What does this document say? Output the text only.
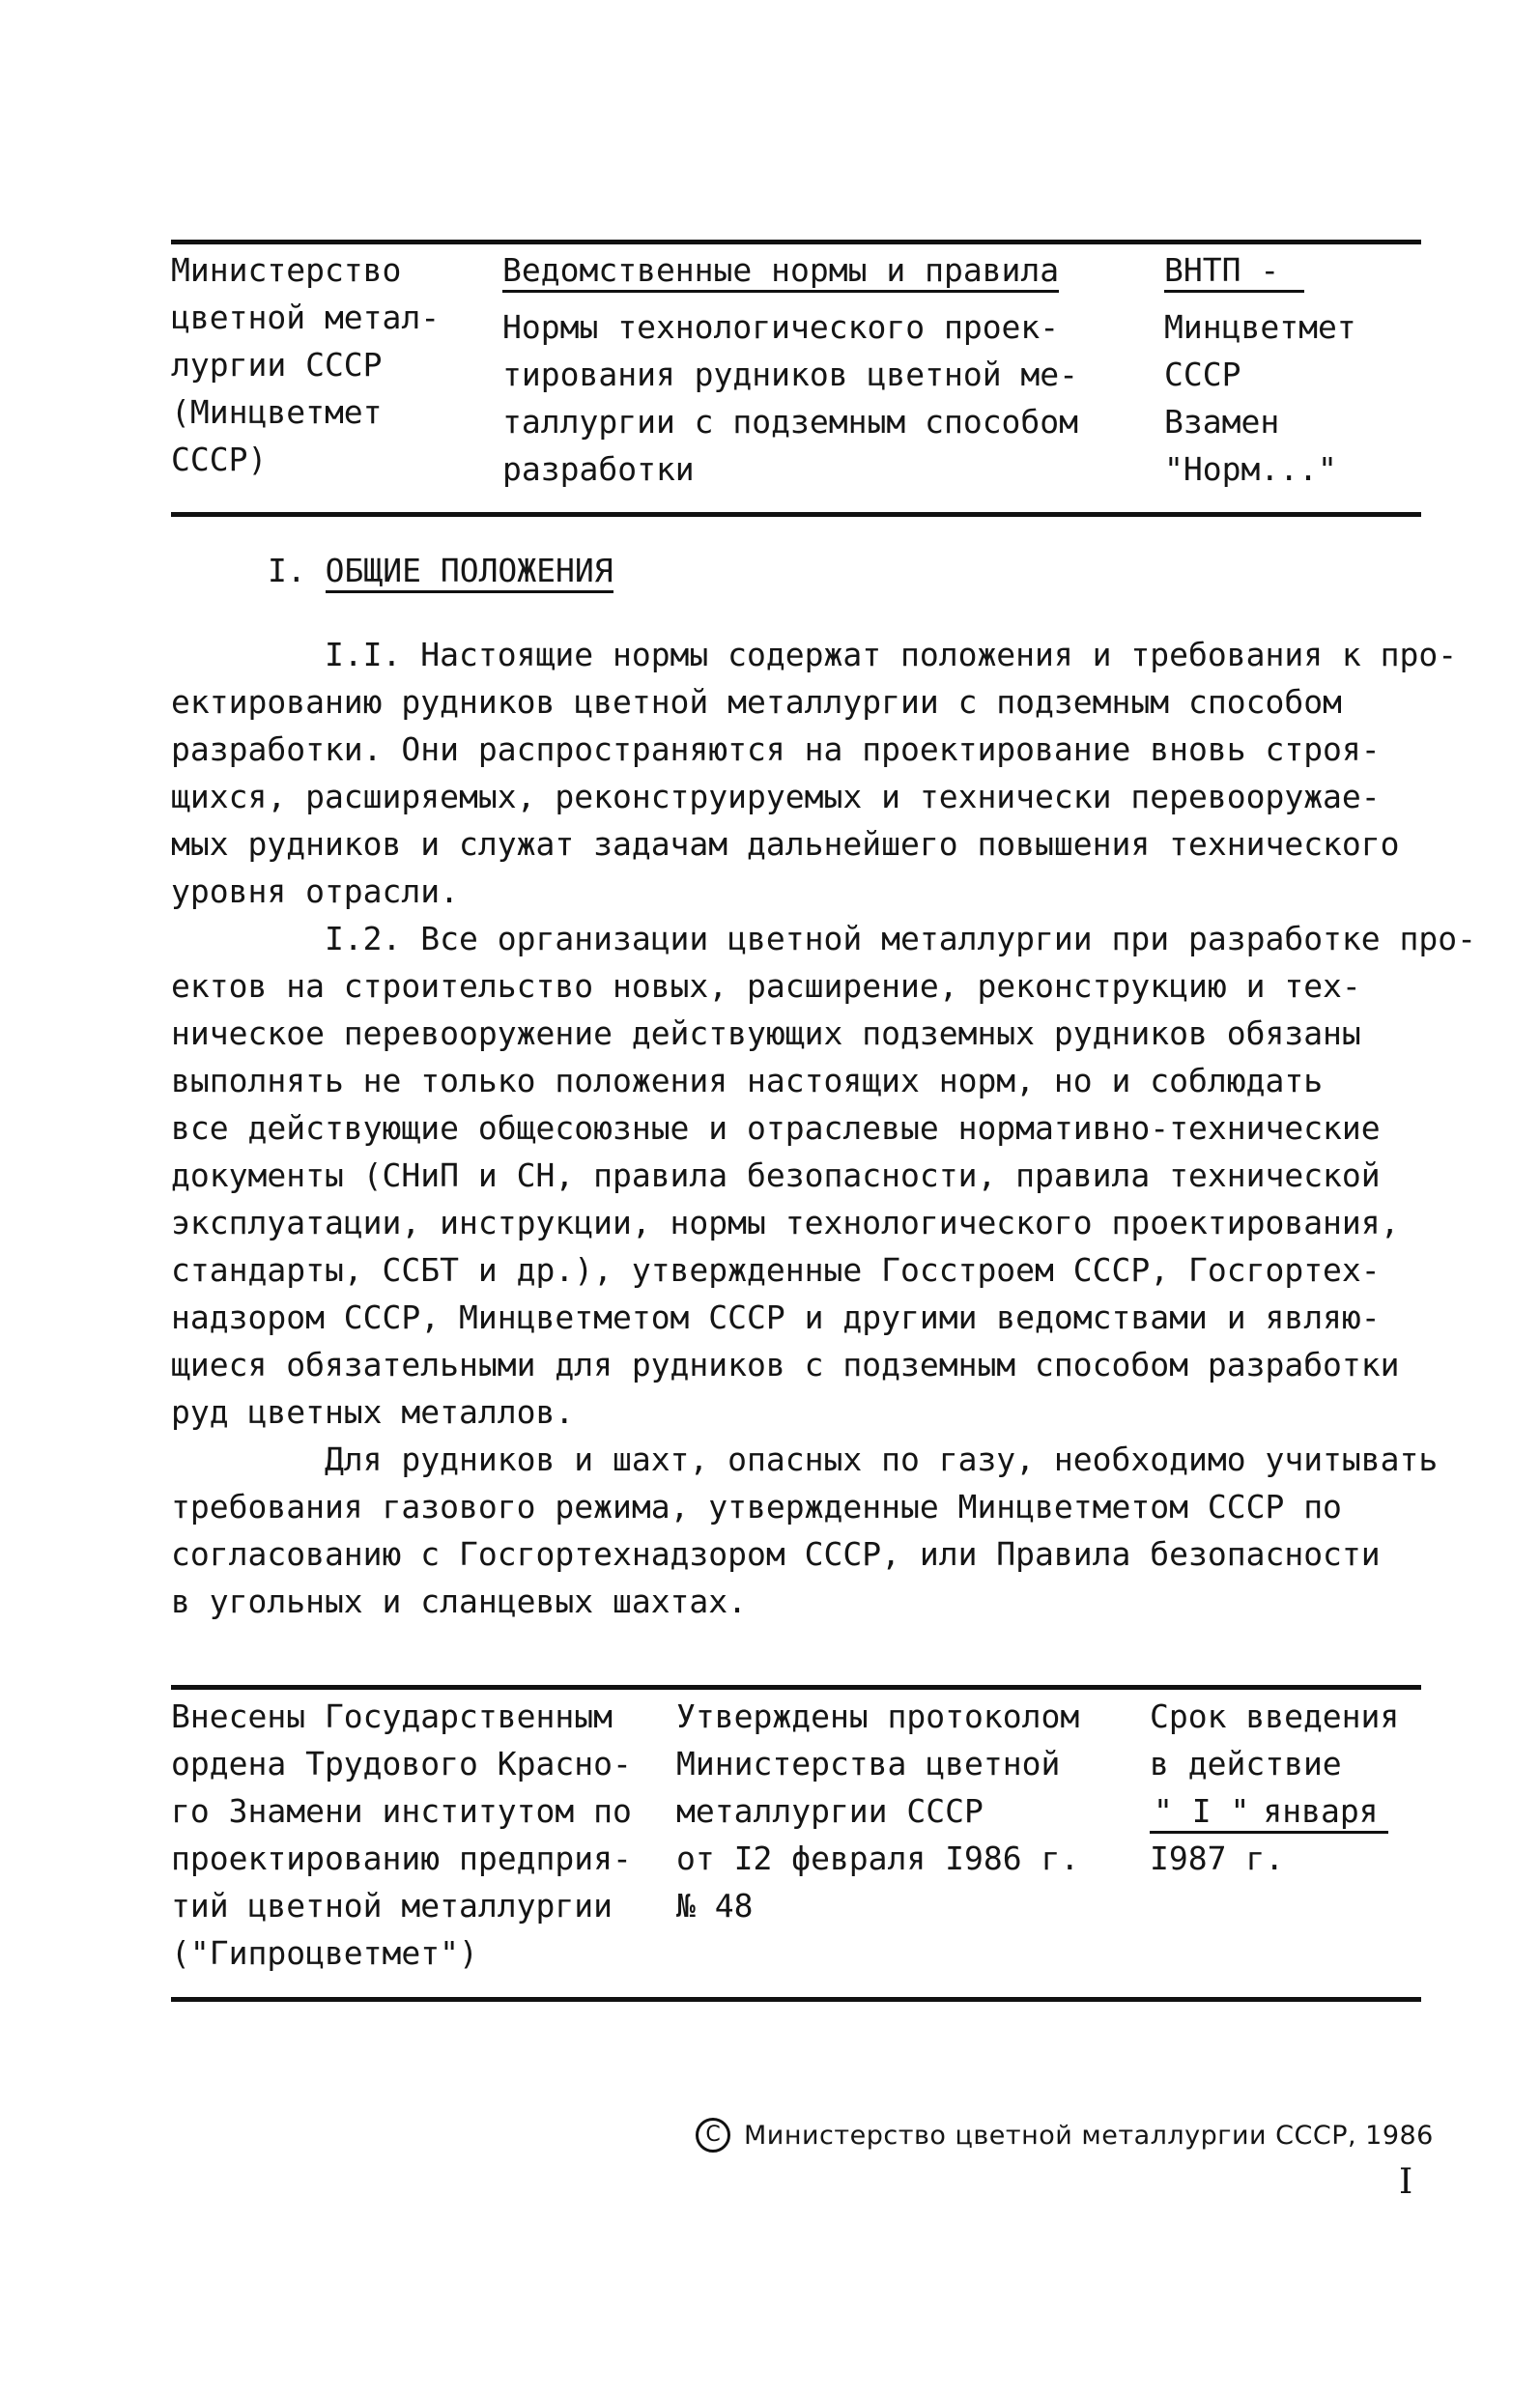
Министерство
цветной метал-
лургии СССР
(Минцветмет
СССР)
Ведомственные нормы и правила
Нормы технологического проек-
тирования рудников цветной ме-
таллургии с подземным способом
разработки
ВНТП -
Минцветмет
СССР
Взамен
"Норм..."
I. ОБЩИЕ ПОЛОЖЕНИЯ
I.I. Настоящие нормы содержат положения и требования к про-
ектированию рудников цветной металлургии с подземным способом
разработки. Они распространяются на проектирование вновь строя-
щихся, расширяемых, реконструируемых и технически перевооружае-
мых рудников и служат задачам дальнейшего повышения технического
уровня отрасли.
I.2. Все организации цветной металлургии при разработке про-
ектов на строительство новых, расширение, реконструкцию и тех-
ническое перевооружение действующих подземных рудников обязаны
выполнять не только положения настоящих норм, но и соблюдать
все действующие общесоюзные и отраслевые нормативно-технические
документы (СНиП и СН, правила безопасности, правила технической
эксплуатации, инструкции, нормы технологического проектирования,
стандарты, ССБТ и др.), утвержденные Госстроем СССР, Госгортех-
надзором СССР, Минцветметом СССР и другими ведомствами и являю-
щиеся обязательными для рудников с подземным способом разработки
руд цветных металлов.
Для рудников и шахт, опасных по газу, необходимо учитывать
требования газового режима, утвержденные Минцветметом СССР по
согласованию с Госгортехнадзором СССР, или Правила безопасности
в угольных и сланцевых шахтах.
Внесены Государственным
ордена Трудового Красно-
го Знамени институтом по
проектированию предприя-
тий цветной металлургии
("Гипроцветмет")
Утверждены протоколом
Министерства цветной
металлургии СССР
от I2 февраля I986 г.
№ 48
Срок введения
в действие
" I " января
I987 г.
C Министерство цветной металлургии СССР, 1986
I
